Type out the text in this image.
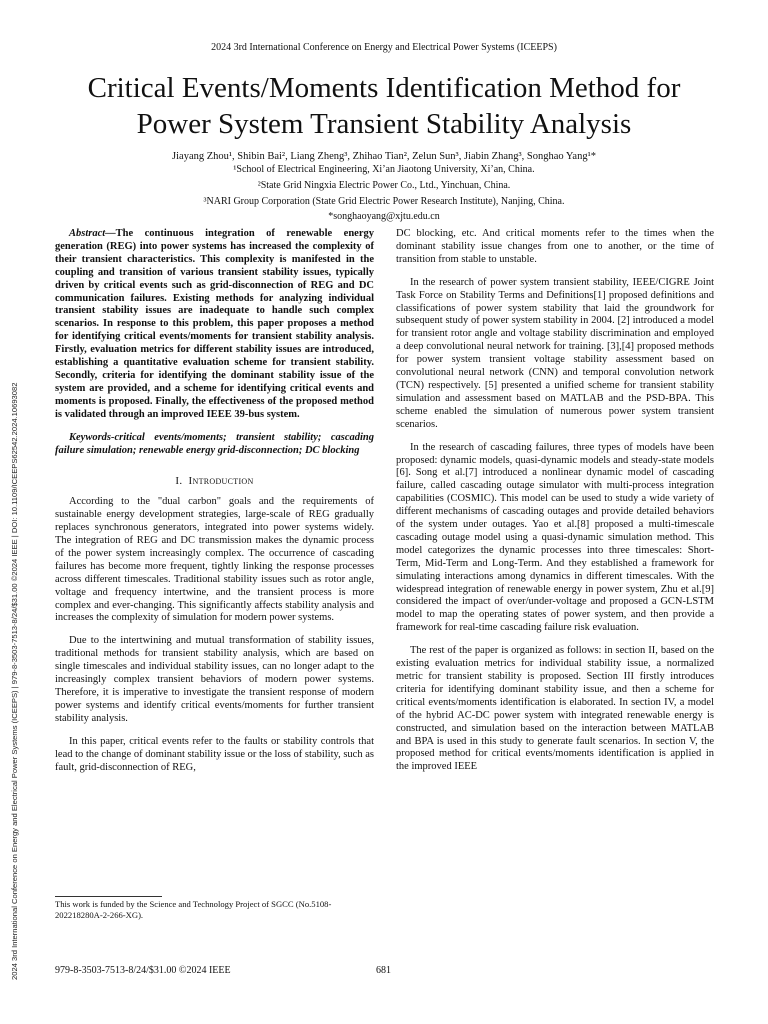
2024 3rd International Conference on Energy and Electrical Power Systems (ICEEPS)
Critical Events/Moments Identification Method for
Power System Transient Stability Analysis
Jiayang Zhou¹, Shibin Bai², Liang Zheng³, Zhihao Tian², Zelun Sun³, Jiabin Zhang³, Songhao Yang¹*
¹School of Electrical Engineering, Xi’an Jiaotong University, Xi’an, China.
²State Grid Ningxia Electric Power Co., Ltd., Yinchuan, China.
³NARI Group Corporation (State Grid Electric Power Research Institute), Nanjing, China.
*songhaoyang@xjtu.edu.cn
2024 3rd International Conference on Energy and Electrical Power Systems (ICEEPS) | 979-8-3503-7513-8/24/$31.00 ©2024 IEEE | DOI: 10.1109/ICEEPS62542.2024.10693082

Abstract—The continuous integration of renewable energy generation (REG) into power systems has increased the complexity of their transient characteristics. This complexity is manifested in the coupling and transition of various transient stability issues, typically driven by critical events such as grid-disconnection of REG and DC communication failures. Existing methods for analyzing individual transient stability issues are inadequate to handle such complex scenarios. In response to this problem, this paper proposes a method for identifying critical events/moments for transient stability analysis. Firstly, evaluation metrics for different stability issues are introduced, establishing a quantitative evaluation scheme for transient stability. Secondly, criteria for identifying the dominant stability issue of the system are provided, and a scheme for identifying critical events and moments is proposed. Finally, the effectiveness of the proposed method is validated through an improved IEEE 39-bus system.

Keywords-critical events/moments; transient stability; cascading failure simulation; renewable energy grid-disconnection; DC blocking

I. Introduction

According to the "dual carbon" goals and the requirements of sustainable energy development strategies, large-scale of REG gradually replaces synchronous generators, integrated into power systems widely. The integration of REG and DC transmission makes the dynamic process of the power system increasingly complex. The occurrence of cascading failures has become more frequent, tightly linking the response processes across different timescales. Traditional stability issues such as rotor angle, voltage and frequency intertwine, and the transient process is more complex and ever-changing. This significantly affects stability analysis and increases the complexity of simulation for modern power systems.

Due to the intertwining and mutual transformation of stability issues, traditional methods for transient stability analysis, which are based on single timescales and individual stability issues, can no longer adapt to the increasingly complex transient behaviors of modern power systems. Therefore, it is imperative to investigate the transient response of modern power systems and identify critical events/moments for further transient stability analysis.

In this paper, critical events refer to the faults or stability controls that lead to the change of dominant stability issue or the loss of stability, such as fault, grid-disconnection of REG,

This work is funded by the Science and Technology Project of SGCC (No.5108-202218280A-2-266-XG).

DC blocking, etc. And critical moments refer to the times when the dominant stability issue changes from one to another, or the time of transition from stable to unstable.

In the research of power system transient stability, IEEE/CIGRE Joint Task Force on Stability Terms and Definitions[1] proposed definitions and classifications of power system stability that laid the groundwork for subsequent study of power system stability in 2004. [2] introduced a model for transient rotor angle and voltage stability discrimination and employed a deep convolutional neural network for training. [3],[4] proposed methods for power system transient voltage stability assessment based on convolutional neural network (CNN) and temporal convolution network (TCN) respectively. [5] presented a unified scheme for transient stability simulation and assessment based on MATLAB and the PSD-BPA. This scheme enabled the simulation of numerous power system transient scenarios.

In the research of cascading failures, three types of models have been proposed: dynamic models, quasi-dynamic models and steady-state models [6]. Song et al.[7] introduced a nonlinear dynamic model of cascading failure, called cascading outage simulator with multi-process integration capabilities (COSMIC). This model can be used to study a wide variety of different mechanisms of cascading outages and provide detailed behaviors of the system under outages. Yao et al.[8] proposed a multi-timescale cascading outage model using a quasi-dynamic simulation method. This model categorizes the dynamic processes into three timescales: Short-Term, Mid-Term and Long-Term. And they established a framework for simulating interactions among dynamics in different timescales. With the widespread integration of renewable energy in power system, Zhu et al.[9] considered the impact of over/under-voltage and proposed a GCN-LSTM model to map the operating states of power system, and then provide a framework for real-time cascading failure risk evaluation.

The rest of the paper is organized as follows: in section II, based on the existing evaluation metrics for individual stability issue, a normalized metric for transient stability is proposed. Section III firstly introduces criteria for identifying dominant stability issue, and then a scheme for critical events/moments identification is elaborated. In section IV, a model of the hybrid AC-DC power system with integrated renewable energy is constructed, and simulation based on the interaction between MATLAB and BPA is used in this study to generate fault scenarios. In section V, the proposed method for critical events/moments identification is applied in the improved IEEE

979-8-3503-7513-8/24/$31.00 ©2024 IEEE	681
